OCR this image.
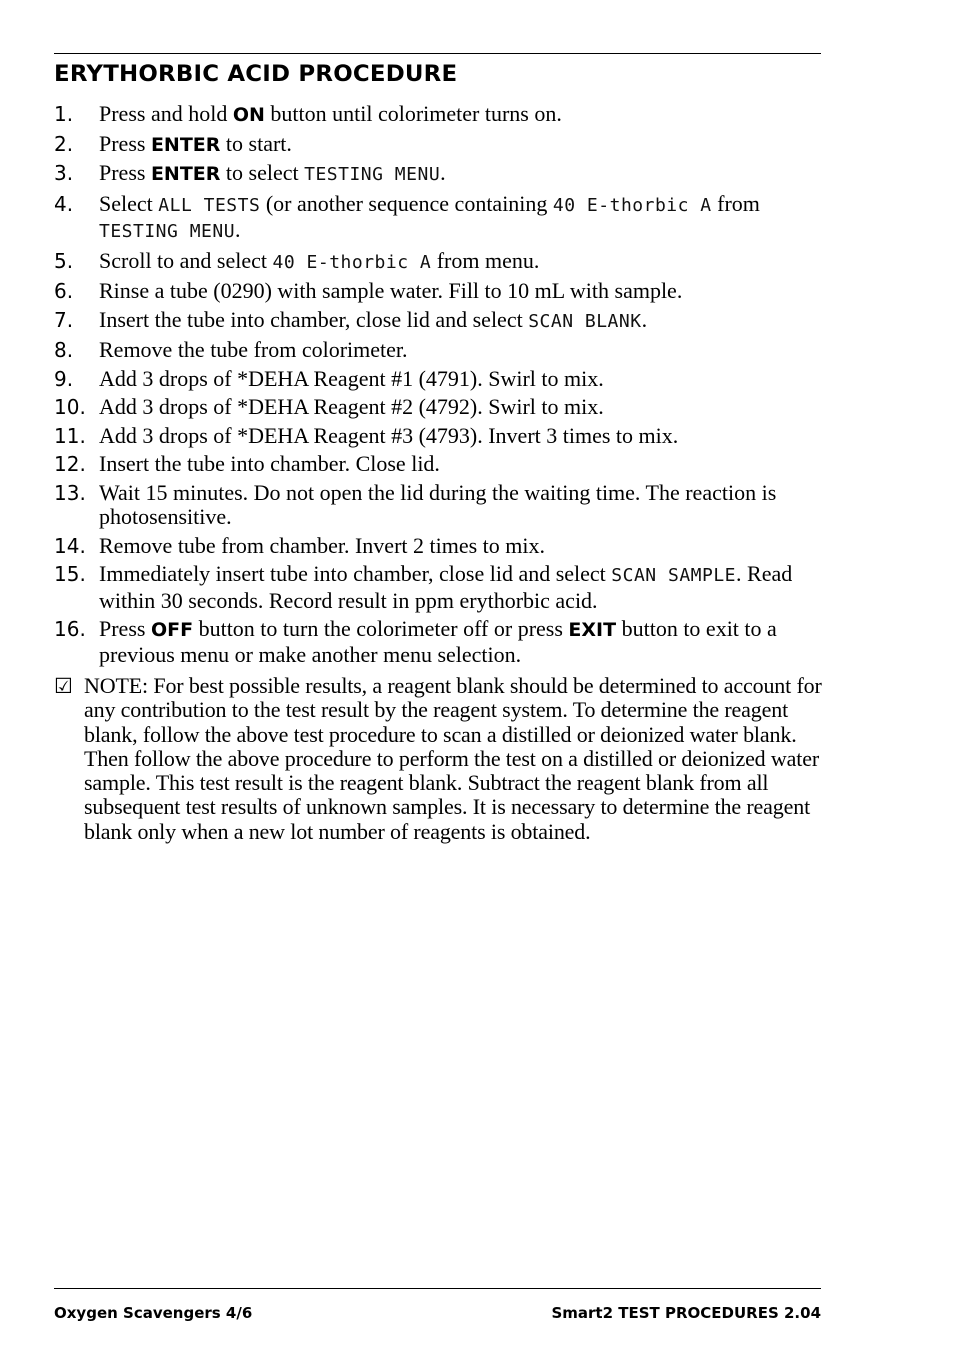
ERYTHORBIC ACID PROCEDURE
1.	Press and hold ON button until colorimeter turns on.
2.	Press ENTER to start.
3.	Press ENTER to select TESTING MENU.
4.	Select ALL TESTS (or another sequence containing 40 E-thorbic A from TESTING MENU.
5.	Scroll to and select 40 E-thorbic A from menu.
6.	Rinse a tube (0290) with sample water. Fill to 10 mL with sample.
7.	Insert the tube into chamber, close lid and select SCAN BLANK.
8.	Remove the tube from colorimeter.
9.	Add 3 drops of *DEHA Reagent #1 (4791). Swirl to mix.
10. Add 3 drops of *DEHA Reagent #2 (4792). Swirl to mix.
11. Add 3 drops of *DEHA Reagent #3 (4793). Invert 3 times to mix.
12. Insert the tube into chamber. Close lid.
13. Wait 15 minutes. Do not open the lid during the waiting time. The reaction is photosensitive.
14. Remove tube from chamber. Invert 2 times to mix.
15. Immediately insert tube into chamber, close lid and select SCAN SAMPLE. Read within 30 seconds. Record result in ppm erythorbic acid.
16. Press OFF button to turn the colorimeter off or press EXIT button to exit to a previous menu or make another menu selection.
☑ NOTE: For best possible results, a reagent blank should be determined to account for any contribution to the test result by the reagent system. To determine the reagent blank, follow the above test procedure to scan a distilled or deionized water blank. Then follow the above procedure to perform the test on a distilled or deionized water sample. This test result is the reagent blank. Subtract the reagent blank from all subsequent test results of unknown samples. It is necessary to determine the reagent blank only when a new lot number of reagents is obtained.
Oxygen Scavengers 4/6	Smart2 TEST PROCEDURES 2.04
